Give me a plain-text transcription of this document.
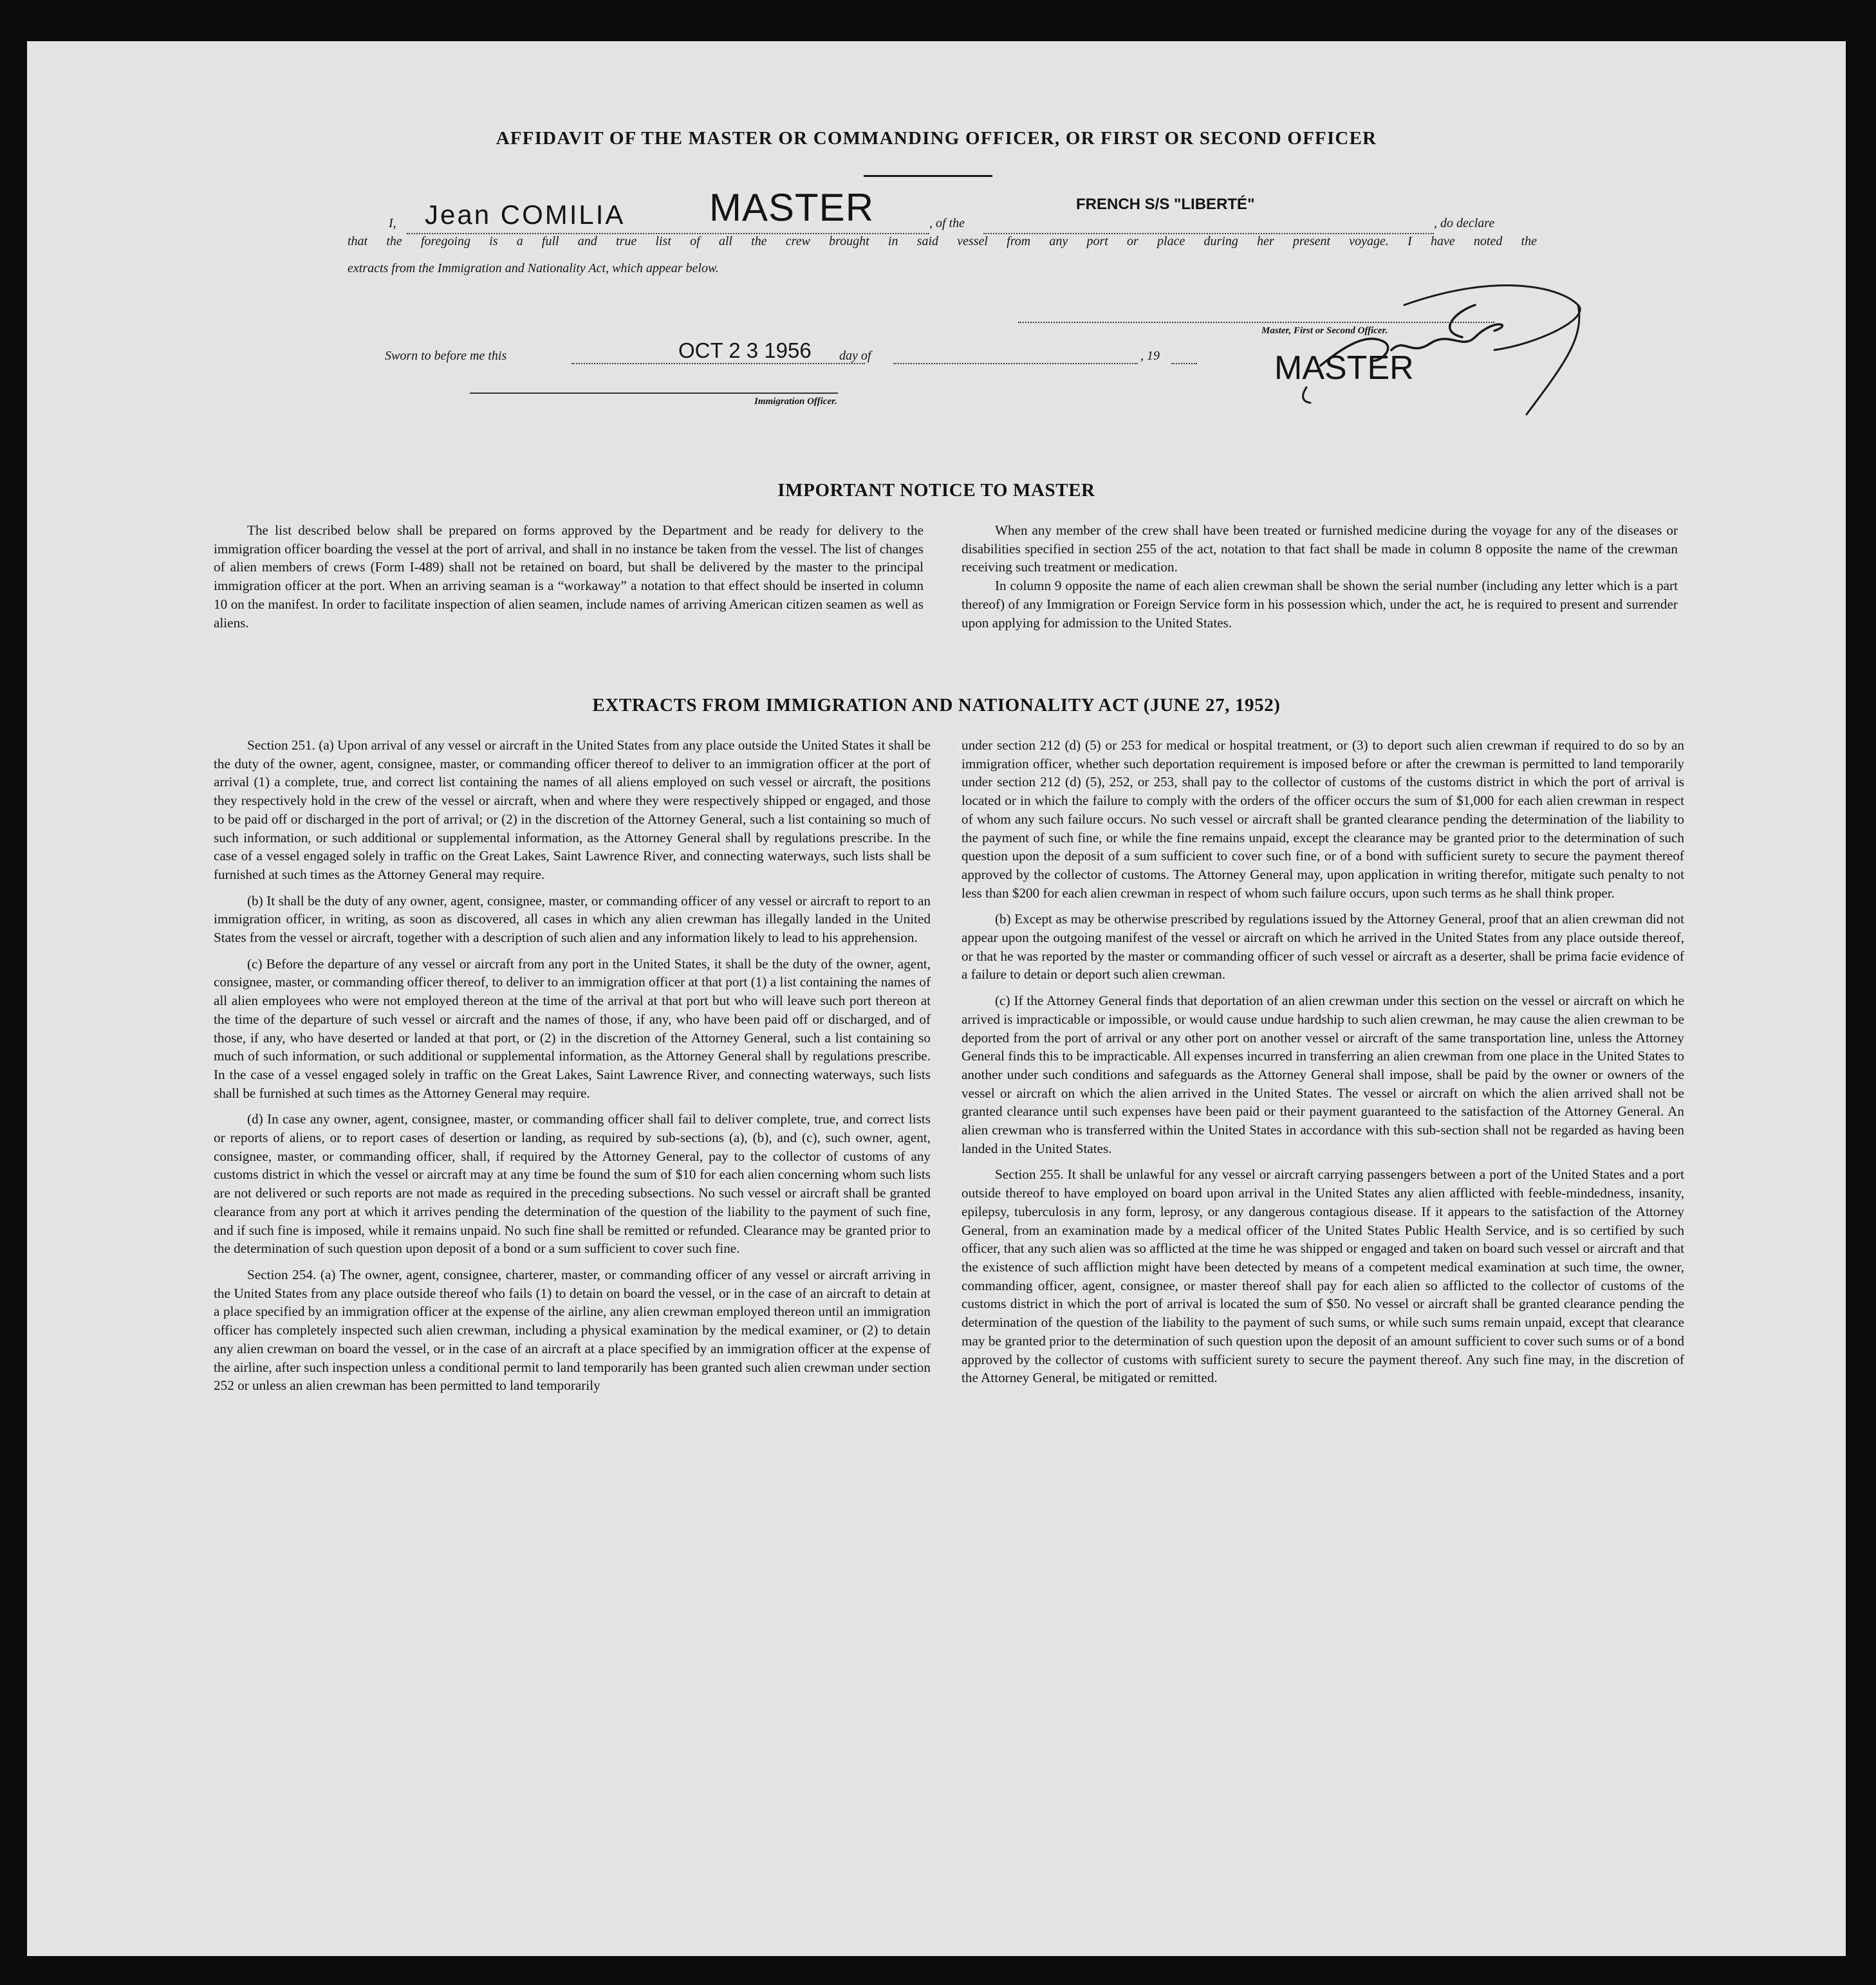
AFFIDAVIT OF THE MASTER OR COMMANDING OFFICER, OR FIRST OR SECOND OFFICER
I, Jean COMILIA MASTER	, of the
FRENCH S/S "LIBERTÉ"
, do declare
that the foregoing is a full and true list of all the crew brought in said vessel from any port or place during her present voyage. I have noted the
extracts from the Immigration and Nationality Act, which appear below.
Master, First or Second Officer.
MASTER
Sworn to before me this	OCT 2 3 1956 day of	, 19
Immigration Officer.
IMPORTANT NOTICE TO MASTER

The list described below shall be prepared on forms approved by the Department and be ready for delivery to the immigration officer boarding the vessel at the port of arrival, and shall in no instance be taken from the vessel. The list of changes of alien members of crews (Form I-489) shall not be retained on board, but shall be delivered by the master to the principal immigration officer at the port. When an arriving seaman is a “workaway” a notation to that effect should be inserted in column 10 on the manifest. In order to facilitate inspection of alien seamen, include names of arriving American citizen seamen as well as aliens.

When any member of the crew shall have been treated or furnished medicine during the voyage for any of the diseases or disabilities specified in section 255 of the act, notation to that fact shall be made in column 8 opposite the name of the crewman receiving such treatment or medication.

In column 9 opposite the name of each alien crewman shall be shown the serial number (including any letter which is a part thereof) of any Immigration or Foreign Service form in his possession which, under the act, he is required to present and surrender upon applying for admission to the United States.

EXTRACTS FROM IMMIGRATION AND NATIONALITY ACT (JUNE 27, 1952)

Section 251. (a) Upon arrival of any vessel or aircraft in the United States from any place outside the United States it shall be the duty of the owner, agent, consignee, master, or commanding officer thereof to deliver to an immigration officer at the port of arrival (1) a complete, true, and correct list containing the names of all aliens employed on such vessel or aircraft, the positions they respectively hold in the crew of the vessel or aircraft, when and where they were respectively shipped or engaged, and those to be paid off or discharged in the port of arrival; or (2) in the discretion of the Attorney General, such a list containing so much of such information, or such additional or supplemental information, as the Attorney General shall by regulations prescribe. In the case of a vessel engaged solely in traffic on the Great Lakes, Saint Lawrence River, and connecting waterways, such lists shall be furnished at such times as the Attorney General may require.

(b) It shall be the duty of any owner, agent, consignee, master, or commanding officer of any vessel or aircraft to report to an immigration officer, in writing, as soon as discovered, all cases in which any alien crewman has illegally landed in the United States from the vessel or aircraft, together with a description of such alien and any information likely to lead to his apprehension.

(c) Before the departure of any vessel or aircraft from any port in the United States, it shall be the duty of the owner, agent, consignee, master, or commanding officer thereof, to deliver to an immigration officer at that port (1) a list containing the names of all alien employees who were not employed thereon at the time of the arrival at that port but who will leave such port thereon at the time of the departure of such vessel or aircraft and the names of those, if any, who have been paid off or discharged, and of those, if any, who have deserted or landed at that port, or (2) in the discretion of the Attorney General, such a list containing so much of such information, or such additional or supplemental information, as the Attorney General shall by regulations prescribe. In the case of a vessel engaged solely in traffic on the Great Lakes, Saint Lawrence River, and connecting waterways, such lists shall be furnished at such times as the Attorney General may require.

(d) In case any owner, agent, consignee, master, or commanding officer shall fail to deliver complete, true, and correct lists or reports of aliens, or to report cases of desertion or landing, as required by sub-sections (a), (b), and (c), such owner, agent, consignee, master, or commanding officer, shall, if required by the Attorney General, pay to the collector of customs of any customs district in which the vessel or aircraft may at any time be found the sum of $10 for each alien concerning whom such lists are not delivered or such reports are not made as required in the preceding subsections. No such vessel or aircraft shall be granted clearance from any port at which it arrives pending the determination of the question of the liability to the payment of such fine, and if such fine is imposed, while it remains unpaid. No such fine shall be remitted or refunded. Clearance may be granted prior to the determination of such question upon deposit of a bond or a sum sufficient to cover such fine.

Section 254. (a) The owner, agent, consignee, charterer, master, or commanding officer of any vessel or aircraft arriving in the United States from any place outside thereof who fails (1) to detain on board the vessel, or in the case of an aircraft to detain at a place specified by an immigration officer at the expense of the airline, any alien crewman employed thereon until an immigration officer has completely inspected such alien crewman, including a physical examination by the medical examiner, or (2) to detain any alien crewman on board the vessel, or in the case of an aircraft at a place specified by an immigration officer at the expense of the airline, after such inspection unless a conditional permit to land temporarily has been granted such alien crewman under section 252 or unless an alien crewman has been permitted to land temporarily

under section 212 (d) (5) or 253 for medical or hospital treatment, or (3) to deport such alien crewman if required to do so by an immigration officer, whether such deportation requirement is imposed before or after the crewman is permitted to land temporarily under section 212 (d) (5), 252, or 253, shall pay to the collector of customs of the customs district in which the port of arrival is located or in which the failure to comply with the orders of the officer occurs the sum of $1,000 for each alien crewman in respect of whom any such failure occurs. No such vessel or aircraft shall be granted clearance pending the determination of the liability to the payment of such fine, or while the fine remains unpaid, except the clearance may be granted prior to the determination of such question upon the deposit of a sum sufficient to cover such fine, or of a bond with sufficient surety to secure the payment thereof approved by the collector of customs. The Attorney General may, upon application in writing therefor, mitigate such penalty to not less than $200 for each alien crewman in respect of whom such failure occurs, upon such terms as he shall think proper.

(b) Except as may be otherwise prescribed by regulations issued by the Attorney General, proof that an alien crewman did not appear upon the outgoing manifest of the vessel or aircraft on which he arrived in the United States from any place outside thereof, or that he was reported by the master or commanding officer of such vessel or aircraft as a deserter, shall be prima facie evidence of a failure to detain or deport such alien crewman.

(c) If the Attorney General finds that deportation of an alien crewman under this section on the vessel or aircraft on which he arrived is impracticable or impossible, or would cause undue hardship to such alien crewman, he may cause the alien crewman to be deported from the port of arrival or any other port on another vessel or aircraft of the same transportation line, unless the Attorney General finds this to be impracticable. All expenses incurred in transferring an alien crewman from one place in the United States to another under such conditions and safeguards as the Attorney General shall impose, shall be paid by the owner or owners of the vessel or aircraft on which the alien arrived in the United States. The vessel or aircraft on which the alien arrived shall not be granted clearance until such expenses have been paid or their payment guaranteed to the satisfaction of the Attorney General. An alien crewman who is transferred within the United States in accordance with this sub-section shall not be regarded as having been landed in the United States.

Section 255. It shall be unlawful for any vessel or aircraft carrying passengers between a port of the United States and a port outside thereof to have employed on board upon arrival in the United States any alien afflicted with feeble-mindedness, insanity, epilepsy, tuberculosis in any form, leprosy, or any dangerous contagious disease. If it appears to the satisfaction of the Attorney General, from an examination made by a medical officer of the United States Public Health Service, and is so certified by such officer, that any such alien was so afflicted at the time he was shipped or engaged and taken on board such vessel or aircraft and that the existence of such affliction might have been detected by means of a competent medical examination at such time, the owner, commanding officer, agent, consignee, or master thereof shall pay for each alien so afflicted to the collector of customs of the customs district in which the port of arrival is located the sum of $50. No vessel or aircraft shall be granted clearance pending the determination of the question of the liability to the payment of such sums, or while such sums remain unpaid, except that clearance may be granted prior to the determination of such question upon the deposit of an amount sufficient to cover such sums or of a bond approved by the collector of customs with sufficient surety to secure the payment thereof. Any such fine may, in the discretion of the Attorney General, be mitigated or remitted.
